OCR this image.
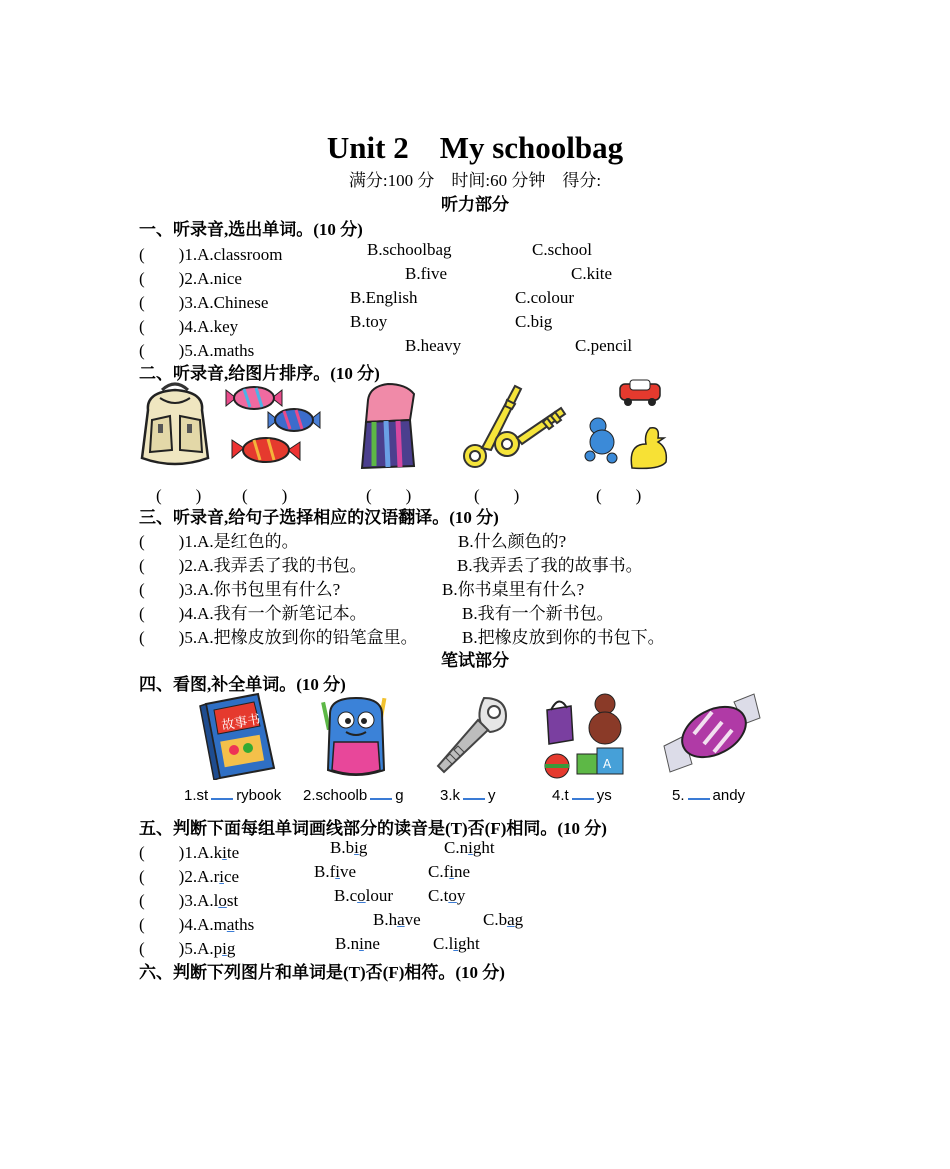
Unit 2　My schoolbag
满分:100 分　时间:60 分钟　得分:
听力部分
一、听录音,选出单词。(10 分)
(　　)1.A.classroom	B.schoolbag	C.school
(　　)2.A.nice	B.five	C.kite
(　　)3.A.Chinese	B.English	C.colour
(　　)4.A.key	B.toy	C.big
(　　)5.A.maths	B.heavy	C.pencil
二、听录音,给图片排序。(10 分)
(　　) (　　)	(　　)	(　　)	(　　)
三、听录音,给句子选择相应的汉语翻译。(10 分)
(　　)1.A.是红色的。	B.什么颜色的?
(　　)2.A.我弄丢了我的书包。	B.我弄丢了我的故事书。
(　　)3.A.你书包里有什么?	B.你书桌里有什么?
(　　)4.A.我有一个新笔记本。	B.我有一个新书包。
(　　)5.A.把橡皮放到你的铅笔盒里。	B.把橡皮放到你的书包下。
笔试部分
四、看图,补全单词。(10 分)
故事书
A
1.st rybook 2.schoolb g 3.k y	4.t ys	5. andy
五、判断下面每组单词画线部分的读音是(T)否(F)相同。(10 分)
(　　)1.A.kite	B.big	C.night
(　　)2.A.rice	B.five	C.fine
(　　)3.A.lost	B.colour C.toy
(　　)4.A.maths	B.have	C.bag
(　　)5.A.pig	B.nine	C.light
六、判断下列图片和单词是(T)否(F)相符。(10 分)
